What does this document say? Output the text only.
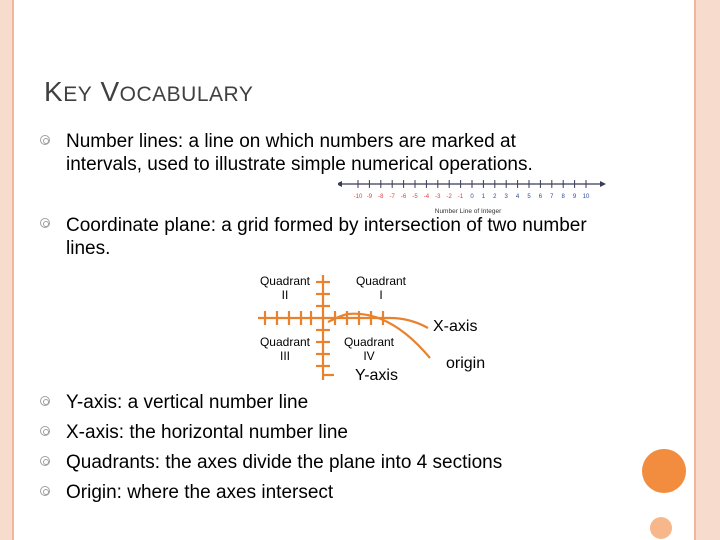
KEY VOCABULARY
Number lines: a line on which numbers are marked at intervals, used to illustrate simple numerical operations.
-10 -9 -8 -7 -6 -5 -4 -3 -2 -1 0 1 2 3 4 5 6 7 8 9 10
Number Line of Integer
Coordinate plane: a grid formed by intersection of two number lines.
Quadrant
II
Quadrant
I
Quadrant
III
Quadrant
IV
X-axis
origin
Y-axis
Y-axis: a vertical number line
X-axis: the horizontal number line
Quadrants: the axes divide the plane into 4 sections
Origin: where the axes intersect
